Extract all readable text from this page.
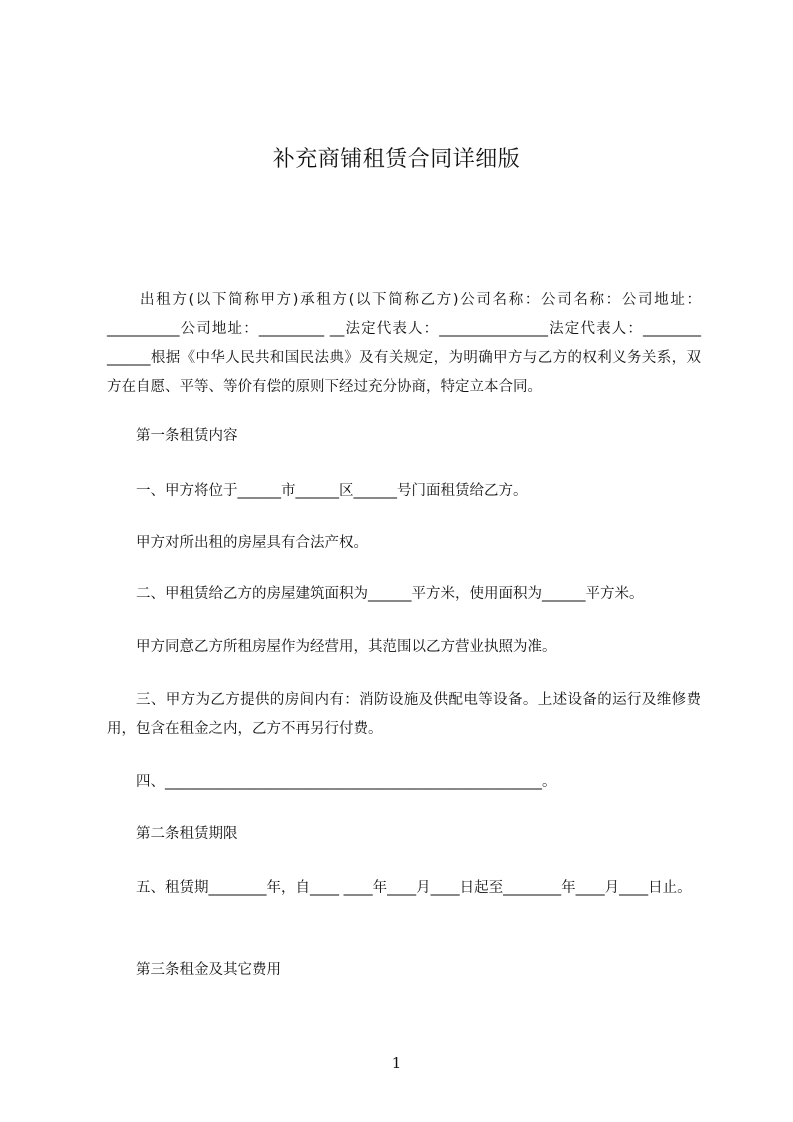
补充商铺租赁合同详细版

出租方(以下简称甲方)承租方(以下简称乙方)公司名称：公司名称：公司地址：__________公司地址：_________ __法定代表人：_______________法定代表人：________ ______根据《中华人民共和国民法典》及有关规定，为明确甲方与乙方的权利义务关系，双方在自愿、平等、等价有偿的原则下经过充分协商，特定立本合同。

第一条租赁内容

一、甲方将位于______市______区______号门面租赁给乙方。

甲方对所出租的房屋具有合法产权。

二、甲租赁给乙方的房屋建筑面积为______平方米，使用面积为______平方米。

甲方同意乙方所租房屋作为经营用，其范围以乙方营业执照为准。

三、甲方为乙方提供的房间内有：消防设施及供配电等设备。上述设备的运行及维修费用，包含在租金之内，乙方不再另行付费。

四、____________________________________________________。

第二条租赁期限

五、租赁期________年，自____ ____年____月____日起至________年____月____日止。

第三条租金及其它费用

1
